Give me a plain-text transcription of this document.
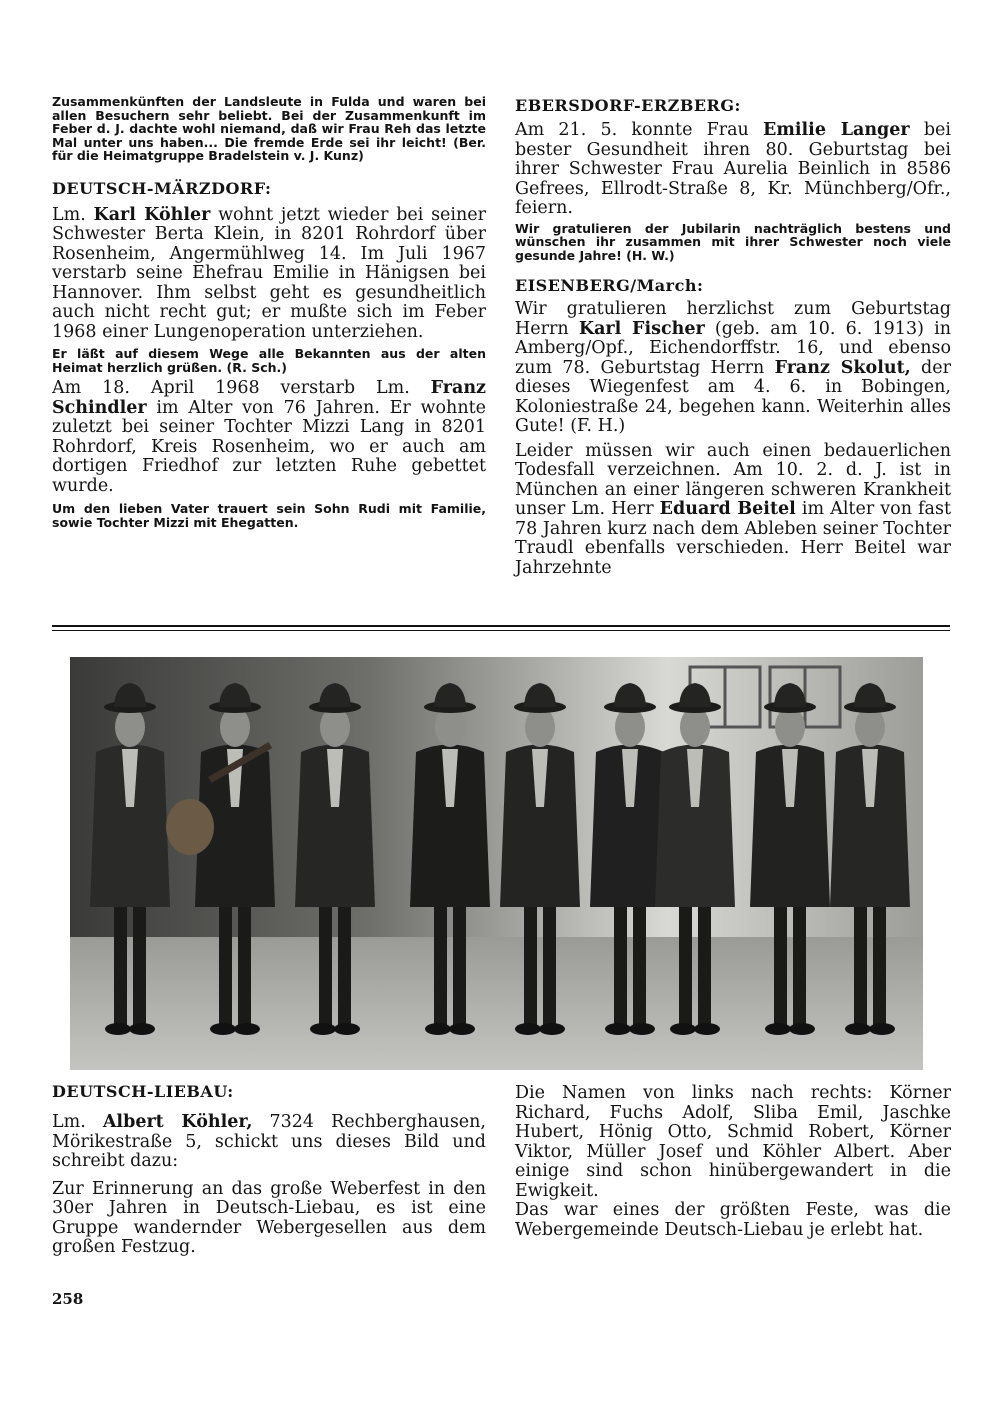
Zusammenkünften der Landsleute in Fulda und waren bei allen Besuchern sehr beliebt. Bei der Zusammenkunft im Feber d. J. dachte wohl niemand, daß wir Frau Reh das letzte Mal unter uns haben... Die fremde Erde sei ihr leicht! (Ber. für die Heimatgruppe Bradelstein v. J. Kunz)

DEUTSCH-MÄRZDORF:

Lm. Karl Köhler wohnt jetzt wieder bei seiner Schwester Berta Klein, in 8201 Rohrdorf über Rosenheim, Angermühlweg 14. Im Juli 1967 verstarb seine Ehefrau Emilie in Hänigsen bei Hannover. Ihm selbst geht es gesundheitlich auch nicht recht gut; er mußte sich im Feber 1968 einer Lungenoperation unterziehen.

Er läßt auf diesem Wege alle Bekannten aus der alten Heimat herzlich grüßen. (R. Sch.)

Am 18. April 1968 verstarb Lm. Franz Schindler im Alter von 76 Jahren. Er wohnte zuletzt bei seiner Tochter Mizzi Lang in 8201 Rohrdorf, Kreis Rosenheim, wo er auch am dortigen Friedhof zur letzten Ruhe gebettet wurde.

Um den lieben Vater trauert sein Sohn Rudi mit Familie, sowie Tochter Mizzi mit Ehegatten.

EBERSDORF-ERZBERG:

Am 21. 5. konnte Frau Emilie Langer bei bester Gesundheit ihren 80. Geburtstag bei ihrer Schwester Frau Aurelia Beinlich in 8586 Gefrees, Ellrodt-Straße 8, Kr. Münchberg/Ofr., feiern.

Wir gratulieren der Jubilarin nachträglich bestens und wünschen ihr zusammen mit ihrer Schwester noch viele gesunde Jahre! (H. W.)

EISENBERG/March:

Wir gratulieren herzlichst zum Geburtstag Herrn Karl Fischer (geb. am 10. 6. 1913) in Amberg/Opf., Eichendorffstr. 16, und ebenso zum 78. Geburtstag Herrn Franz Skolut, der dieses Wiegenfest am 4. 6. in Bobingen, Koloniestraße 24, begehen kann. Weiterhin alles Gute! (F. H.)

Leider müssen wir auch einen bedauerlichen Todesfall verzeichnen. Am 10. 2. d. J. ist in München an einer längeren schweren Krankheit unser Lm. Herr Eduard Beitel im Alter von fast 78 Jahren kurz nach dem Ableben seiner Tochter Traudl ebenfalls verschieden. Herr Beitel war Jahrzehnte

DEUTSCH-LIEBAU:

Lm. Albert Köhler, 7324 Rechberghausen, Mörikestraße 5, schickt uns dieses Bild und schreibt dazu:

Zur Erinnerung an das große Weberfest in den 30er Jahren in Deutsch-Liebau, es ist eine Gruppe wandernder Webergesellen aus dem großen Festzug.

Die Namen von links nach rechts: Körner Richard, Fuchs Adolf, Sliba Emil, Jaschke Hubert, Hönig Otto, Schmid Robert, Körner Viktor, Müller Josef und Köhler Albert. Aber einige sind schon hinübergewandert in die Ewigkeit.

Das war eines der größten Feste, was die Webergemeinde Deutsch-Liebau je erlebt hat.

258
